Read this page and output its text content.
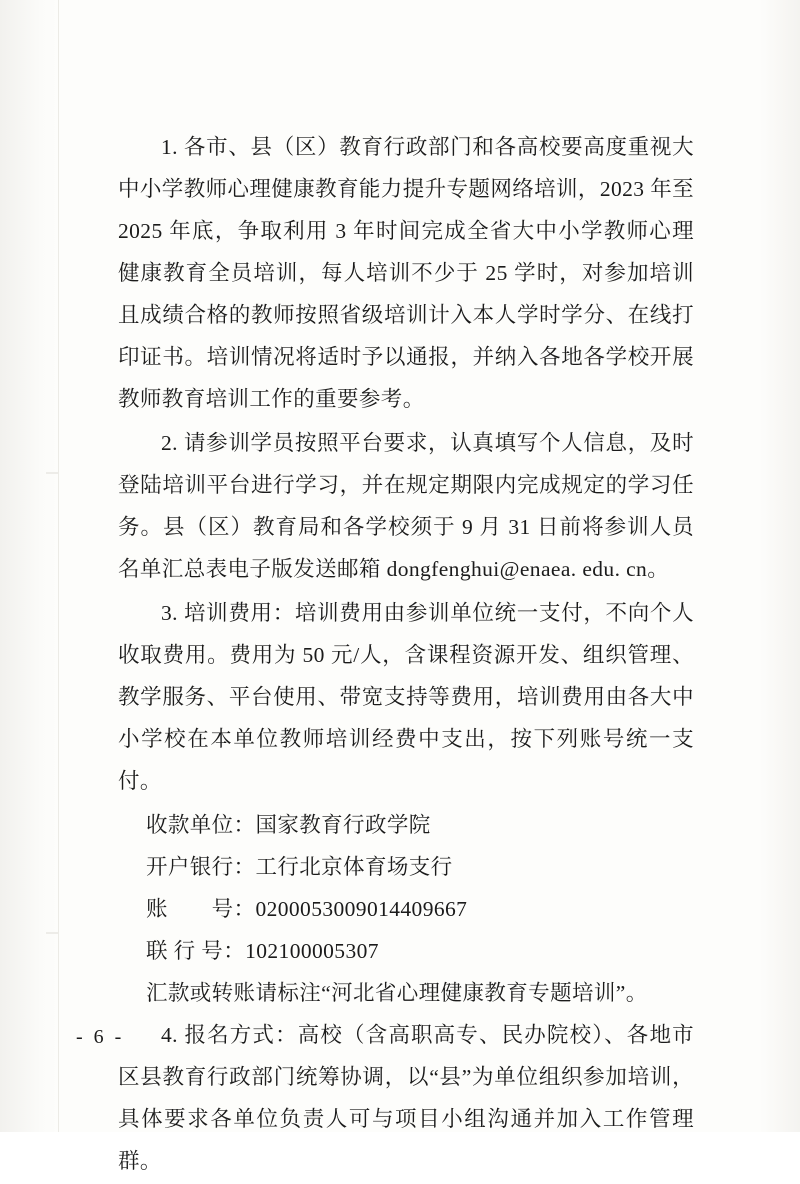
1. 各市、县（区）教育行政部门和各高校要高度重视大中小学教师心理健康教育能力提升专题网络培训，2023 年至 2025 年底，争取利用 3 年时间完成全省大中小学教师心理健康教育全员培训，每人培训不少于 25 学时，对参加培训且成绩合格的教师按照省级培训计入本人学时学分、在线打印证书。培训情况将适时予以通报，并纳入各地各学校开展教师教育培训工作的重要参考。

2. 请参训学员按照平台要求，认真填写个人信息，及时登陆培训平台进行学习，并在规定期限内完成规定的学习任务。县（区）教育局和各学校须于 9 月 31 日前将参训人员名单汇总表电子版发送邮箱 dongfenghui@enaea. edu. cn。

3. 培训费用：培训费用由参训单位统一支付，不向个人收取费用。费用为 50 元/人，含课程资源开发、组织管理、教学服务、平台使用、带宽支持等费用，培训费用由各大中小学校在本单位教师培训经费中支出，按下列账号统一支付。

收款单位：国家教育行政学院

开户银行：工行北京体育场支行

账　　号：0200053009014409667

联 行 号：102100005307

汇款或转账请标注“河北省心理健康教育专题培训”。

4. 报名方式：高校（含高职高专、民办院校）、各地市区县教育行政部门统筹协调，以“县”为单位组织参加培训，具体要求各单位负责人可与项目小组沟通并加入工作管理群。

- 6 -
